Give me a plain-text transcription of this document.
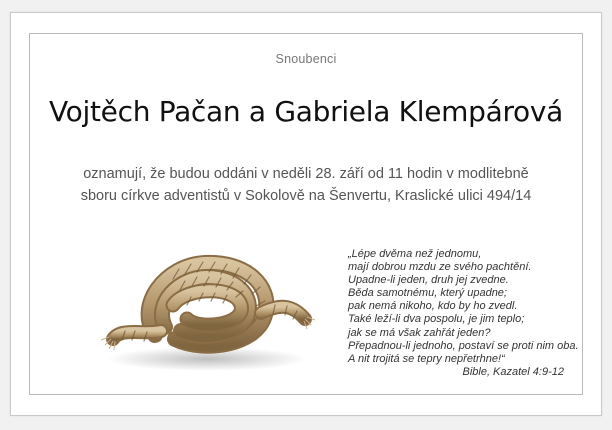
Snoubenci
Vojtěch Pačan a Gabriela Klempárová
oznamují, že budou oddáni v neděli 28. září od 11 hodin v modlitebně
sboru církve adventistů v Sokolově na Šenvertu, Kraslické ulici 494/14
„Lépe dvěma než jednomu,
mají dobrou mzdu ze svého pachtění.
Upadne-li jeden, druh jej zvedne.
Běda samotnému, který upadne;
pak nemá nikoho, kdo by ho zvedl.
Také leží-li dva pospolu, je jim teplo;
jak se má však zahřát jeden?
Přepadnou-li jednoho, postaví se proti nim oba.
A nit trojitá se tepry nepřetrhne!“
Bible, Kazatel 4:9-12
